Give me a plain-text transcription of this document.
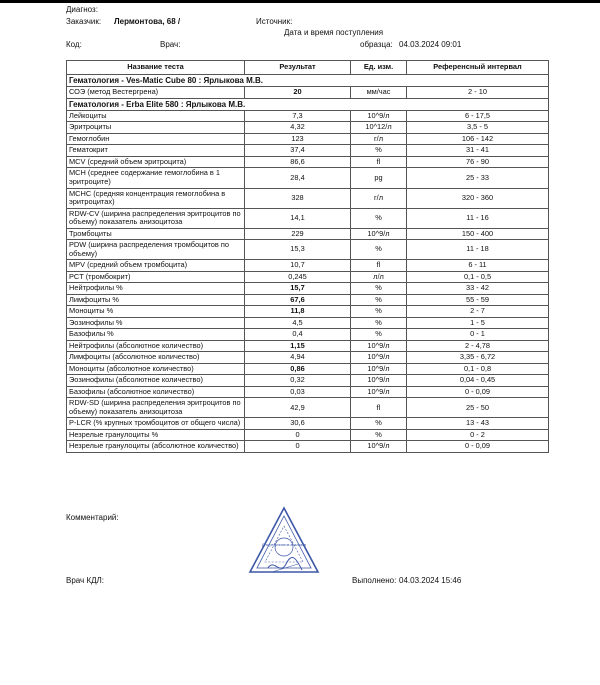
Диагноз:
Заказчик: Лермонтова, 68 /	Источник:
Дата и время поступления
Код:	Врач:	образца: 04.03.2024 09:01
Название теста	Результат	Ед. изм.	Референсный интервал
Гематология - Ves-Matic Cube 80 : Ярлыкова М.В.			
СОЭ (метод Вестергрена)	20	мм/час	2 - 10
Гематология - Erba Elite 580 : Ярлыкова М.В.			
Лейкоциты	7,3	10^9/л	6 - 17,5
Эритроциты	4,32	10^12/л	3,5 - 5
Гемоглобин	123	г/л	106 - 142
Гематокрит	37,4	%	31 - 41
MCV (средний объем эритроцита)	86,6	fl	76 - 90
MCH (среднее содержание гемоглобина в 1 эритроците)	28,4	pg	25 - 33
MCHC (средняя концентрация гемоглобина в эритроцитах)	328	г/л	320 - 360
RDW-CV (ширина распределения эритроцитов по объему) показатель анизоцитоза	14,1	%	11 - 16
Тромбоциты	229	10^9/л	150 - 400
PDW (ширина распределения тромбоцитов по объему)	15,3	%	11 - 18
MPV (средний объем тромбоцита)	10,7	fl	6 - 11
PCT (тромбокрит)	0,245	л/л	0,1 - 0,5
Нейтрофилы %	15,7	%	33 - 42
Лимфоциты %	67,6	%	55 - 59
Моноциты %	11,8	%	2 - 7
Эозинофилы %	4,5	%	1 - 5
Базофилы %	0,4	%	0 - 1
Нейтрофилы (абсолютное количество)	1,15	10^9/л	2 - 4,78
Лимфоциты (абсолютное количество)	4,94	10^9/л	3,35 - 6,72
Моноциты (абсолютное количество)	0,86	10^9/л	0,1 - 0,8
Эозинофилы (абсолютное количество)	0,32	10^9/л	0,04 - 0,45
Базофилы (абсолютное количество)	0,03	10^9/л	0 - 0,09
RDW-SD (ширина распределения эритроцитов по объему) показатель анизоцитоза	42,9	fl	25 - 50
P-LCR (% крупных тромбоцитов от общего числа)	30,6	%	13 - 43
Незрелые гранулоциты %	0	%	0 - 2
Незрелые гранулоциты (абсолютное количество)	0	10^9/л	0 - 0,09
Комментарий:
Для результатов анализов
Врач КДЛ:	Выполнено: 04.03.2024 15:46
